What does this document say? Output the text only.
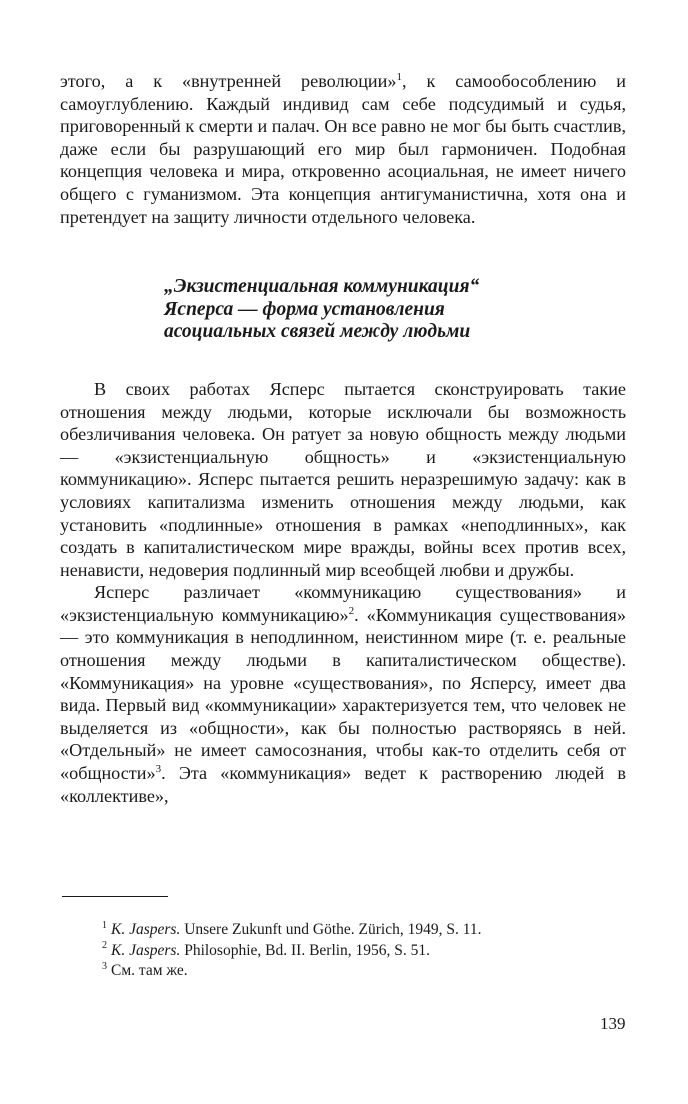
этого, а к «внутренней революции»$^1$, к самообособлению и самоуглублению. Каждый индивид сам себе подсудимый и судья, приговоренный к смерти и палач. Он все равно не мог бы быть счастлив, даже если бы разрушающий его мир был гармоничен. Подобная концепция человека и мира, откровенно асоциальная, не имеет ничего общего с гуманизмом. Эта концепция антигуманистична, хотя она и претендует на защиту личности отдельного человека.

„Экзистенциальная коммуникация“
Ясперса — форма установления
асоциальных связей между людьми

В своих работах Ясперс пытается сконструировать такие отношения между людьми, которые исключали бы возможность обезличивания человека. Он ратует за новую общность между людьми — «экзистенциальную общность» и «экзистенциальную коммуникацию». Ясперс пытается решить неразрешимую задачу: как в условиях капитализма изменить отношения между людьми, как установить «подлинные» отношения в рамках «неподлинных», как создать в капиталистическом мире вражды, войны всех против всех, ненависти, недоверия подлинный мир всеобщей любви и дружбы.

Ясперс различает «коммуникацию существования» и «экзистенциальную коммуникацию»$^2$. «Коммуникация существования» — это коммуникация в неподлинном, неистинном мире (т. е. реальные отношения между людьми в капиталистическом обществе). «Коммуникация» на уровне «существования», по Ясперсу, имеет два вида. Первый вид «коммуникации» характеризуется тем, что человек не выделяется из «общности», как бы полностью растворяясь в ней. «Отдельный» не имеет самосознания, чтобы как-то отделить себя от «общности»$^3$. Эта «коммуникация» ведет к растворению людей в «коллективе»,

$^1$ K. Jaspers. Unsere Zukunft und Göthe. Zürich, 1949, S. 11.

$^2$ K. Jaspers. Philosophie, Bd. II. Berlin, 1956, S. 51.

$^3$ См. там же.

139
